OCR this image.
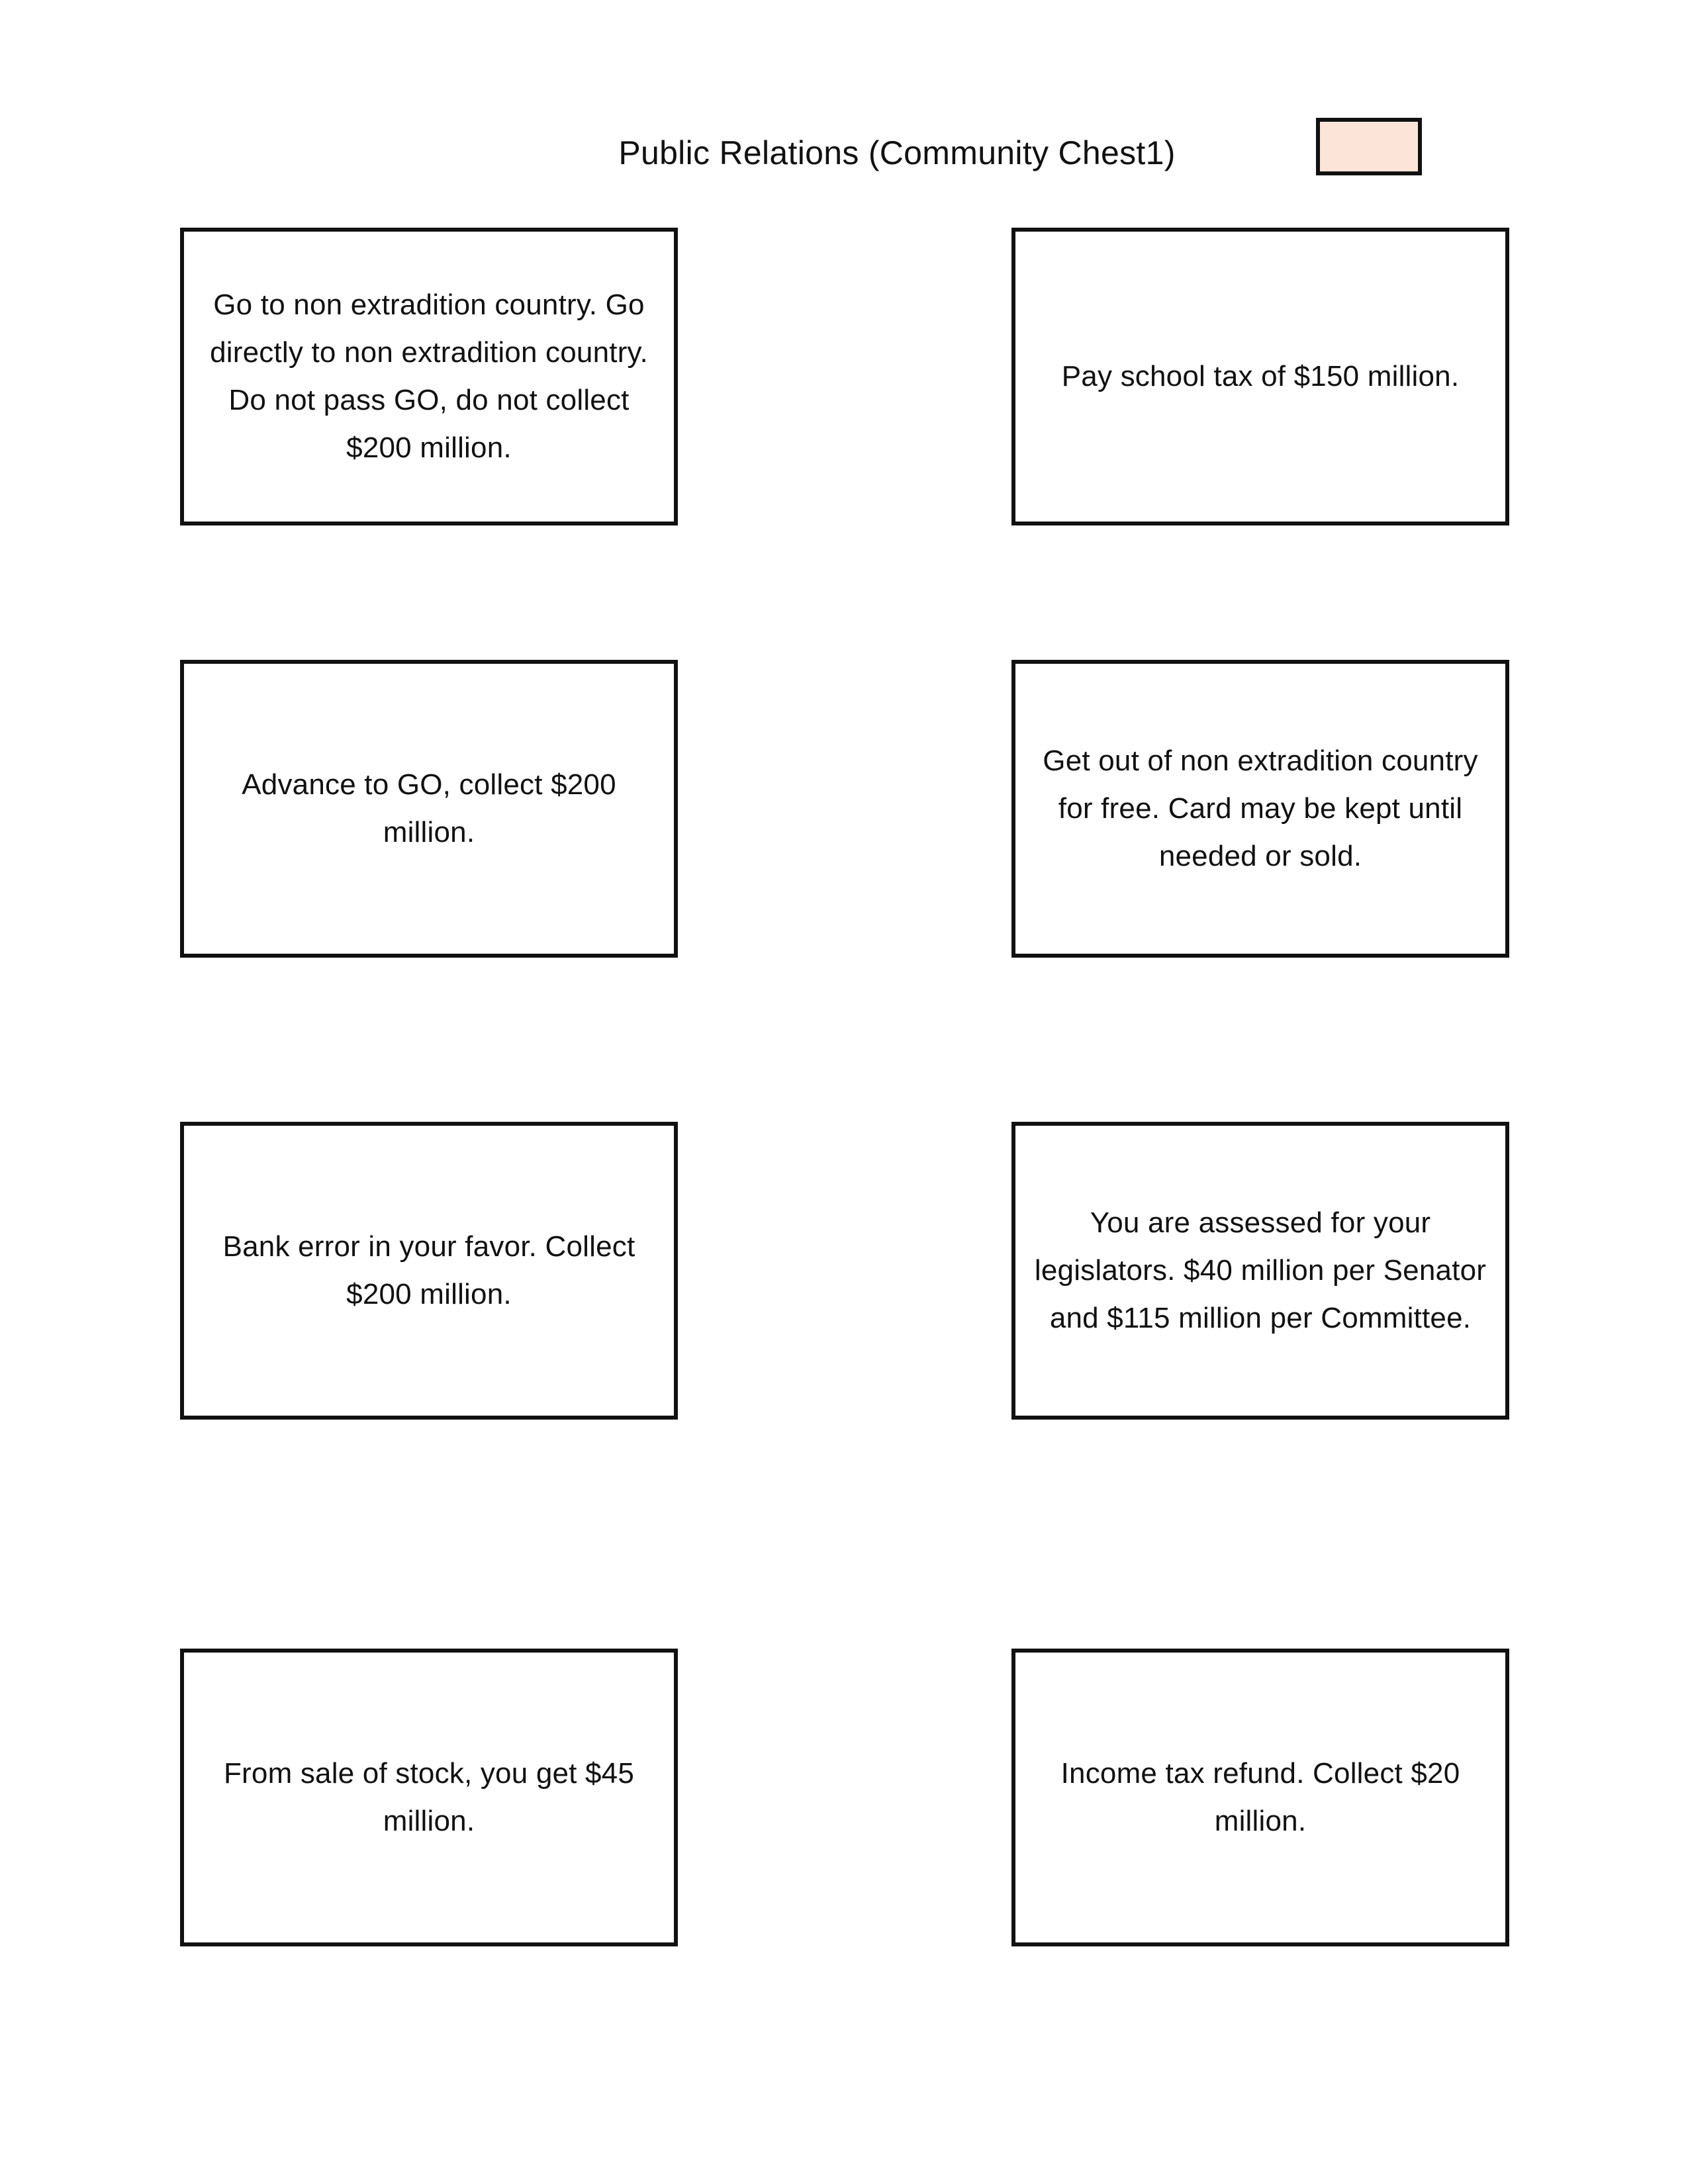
Public Relations (Community Chest1)
Go to non extradition country. Go directly to non extradition country. Do not pass GO, do not collect $200 million.
Pay school tax of $150 million.
Advance to GO, collect $200 million.
Get out of non extradition country for free. Card may be kept until needed or sold.
Bank error in your favor. Collect $200 million.
You are assessed for your legislators. $40 million per Senator and $115 million per Committee.
From sale of stock, you get $45 million.
Income tax refund. Collect $20 million.
